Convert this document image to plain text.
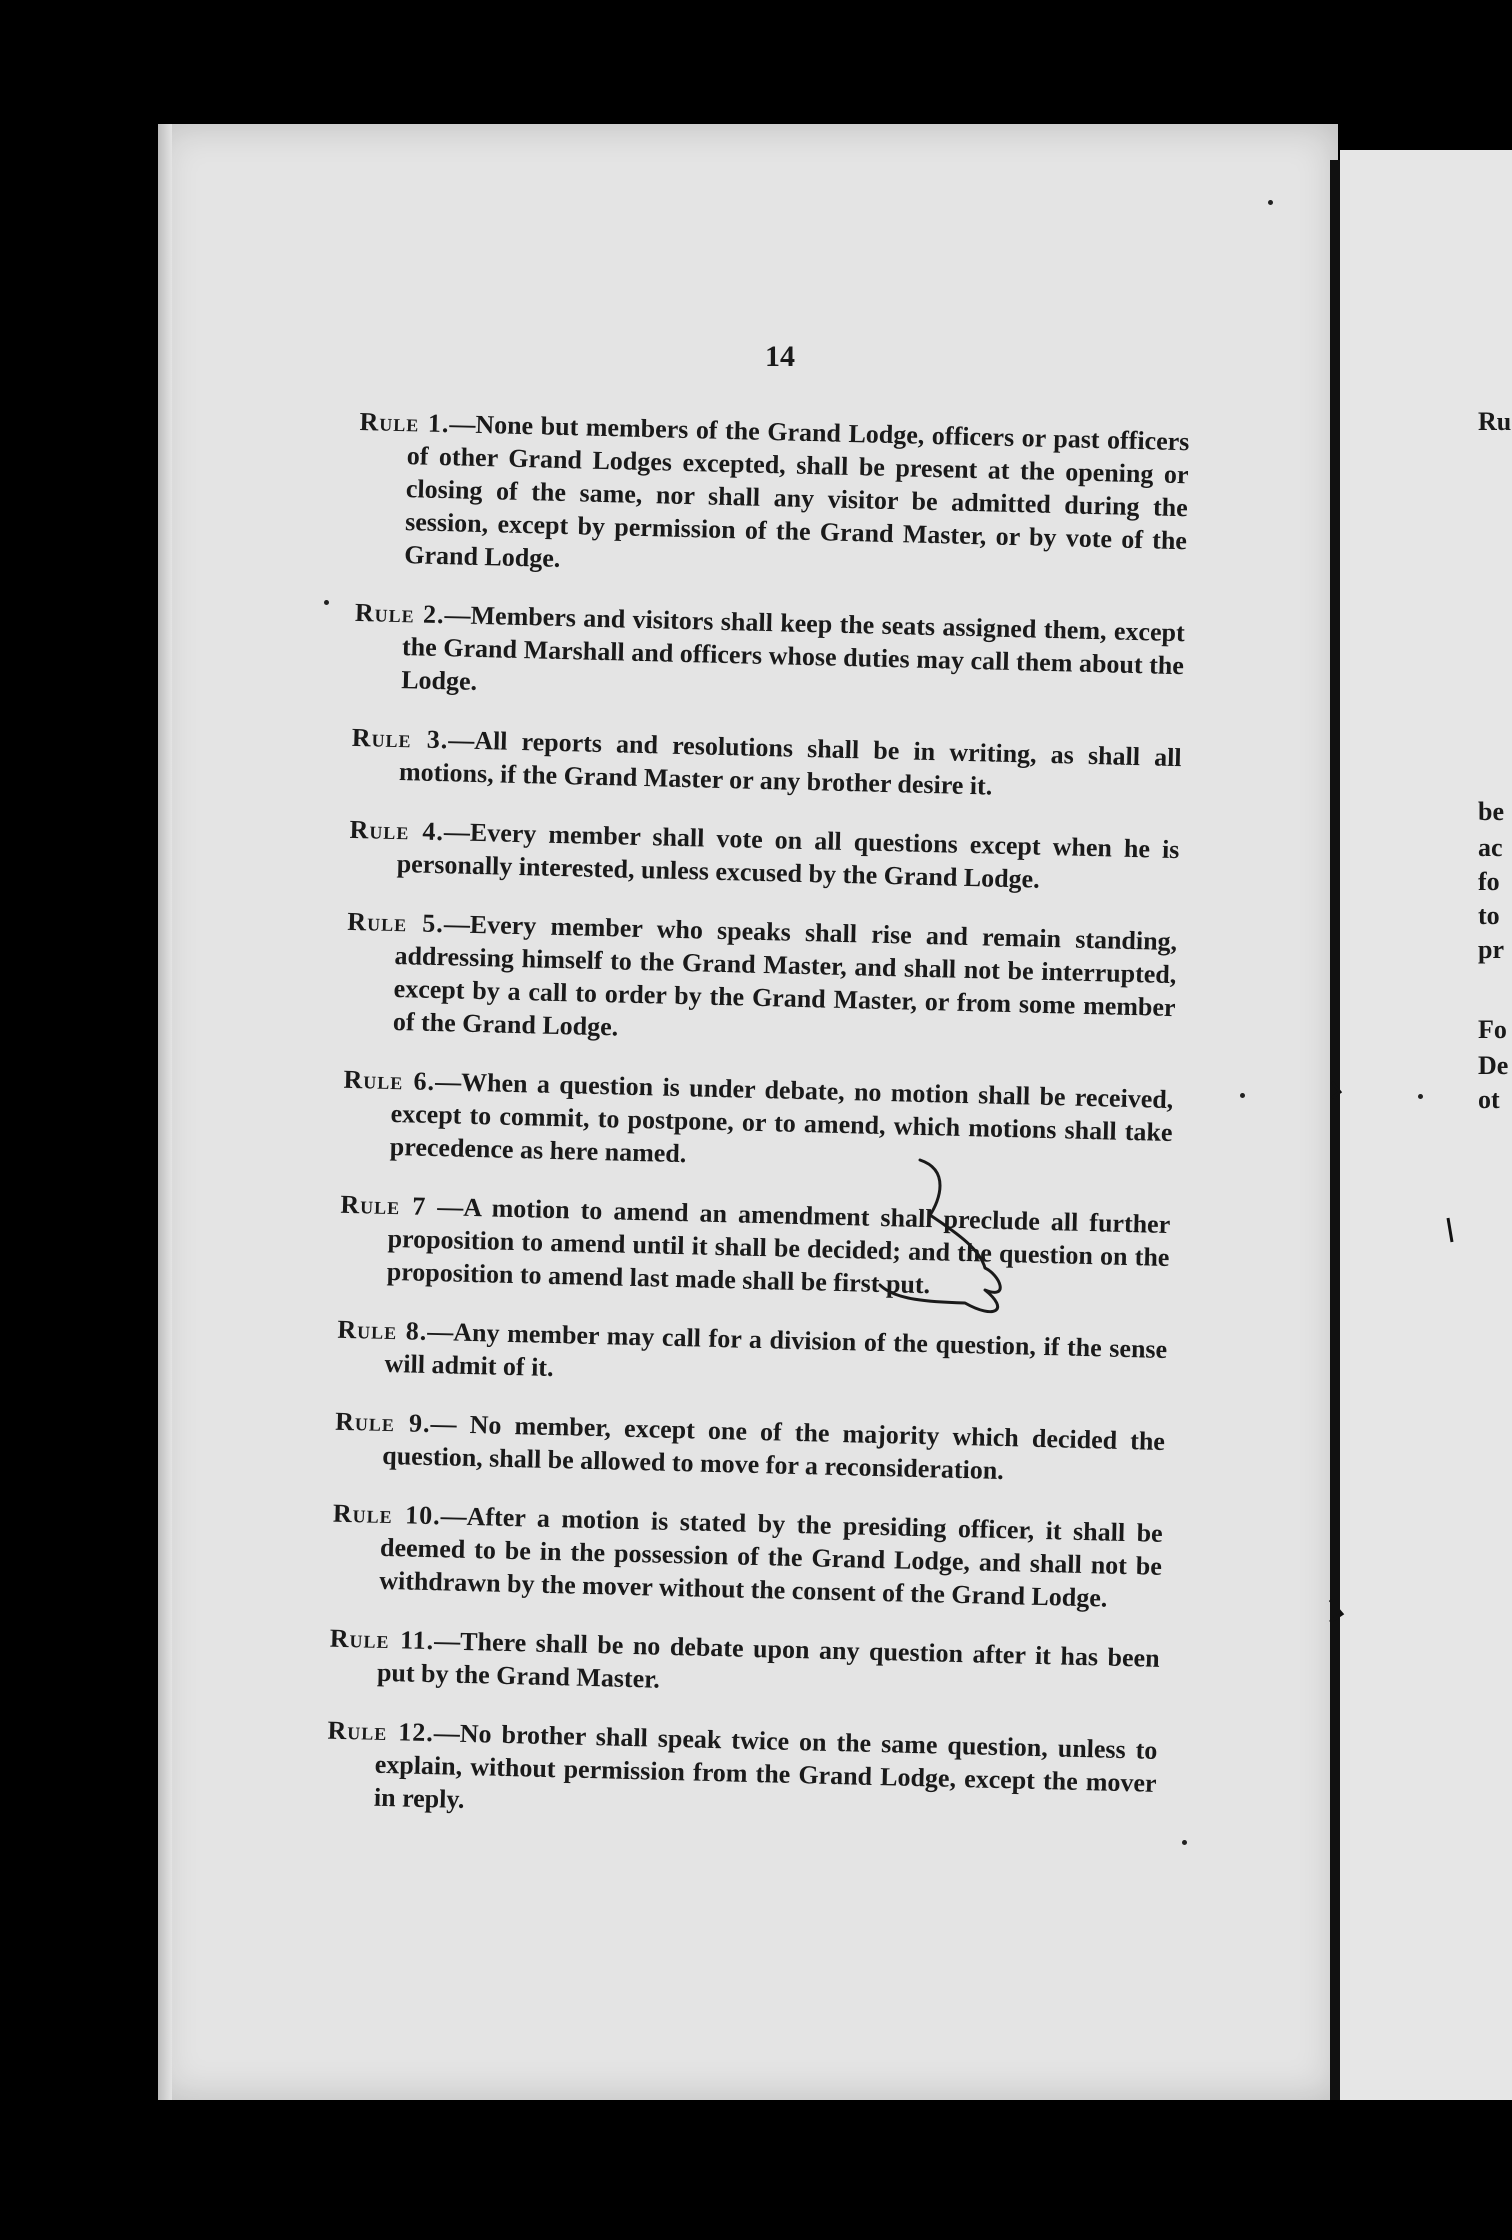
14

Rule 1.—None but members of the Grand Lodge, officers or past officers of other Grand Lodges excepted, shall be present at the opening or closing of the same, nor shall any visitor be admitted during the session, except by permission of the Grand Master, or by vote of the Grand Lodge.

Rule 2.—Members and visitors shall keep the seats assigned them, except the Grand Marshall and officers whose duties may call them about the Lodge.

Rule 3.—All reports and resolutions shall be in writing, as shall all motions, if the Grand Master or any brother desire it.

Rule 4.—Every member shall vote on all questions except when he is personally interested, unless excused by the Grand Lodge.

Rule 5.—Every member who speaks shall rise and remain standing, addressing himself to the Grand Master, and shall not be interrupted, except by a call to order by the Grand Master, or from some member of the Grand Lodge.

Rule 6.—When a question is under debate, no motion shall be received, except to commit, to postpone, or to amend, which motions shall take precedence as here named.

Rule 7 —A motion to amend an amendment shall preclude all further proposition to amend until it shall be decided; and the question on the proposition to amend last made shall be first put.

Rule 8.—Any member may call for a division of the question, if the sense will admit of it.

Rule 9.— No member, except one of the majority which decided the question, shall be allowed to move for a reconsideration.

Rule 10.—After a motion is stated by the presiding officer, it shall be deemed to be in the possession of the Grand Lodge, and shall not be withdrawn by the mover without the consent of the Grand Lodge.

Rule 11.—There shall be no debate upon any question after it has been put by the Grand Master.

Rule 12.—No brother shall speak twice on the same question, unless to explain, without permission from the Grand Lodge, except the mover in reply.

Ru
be
ac
fo
to
pr
Fo
De
ot
